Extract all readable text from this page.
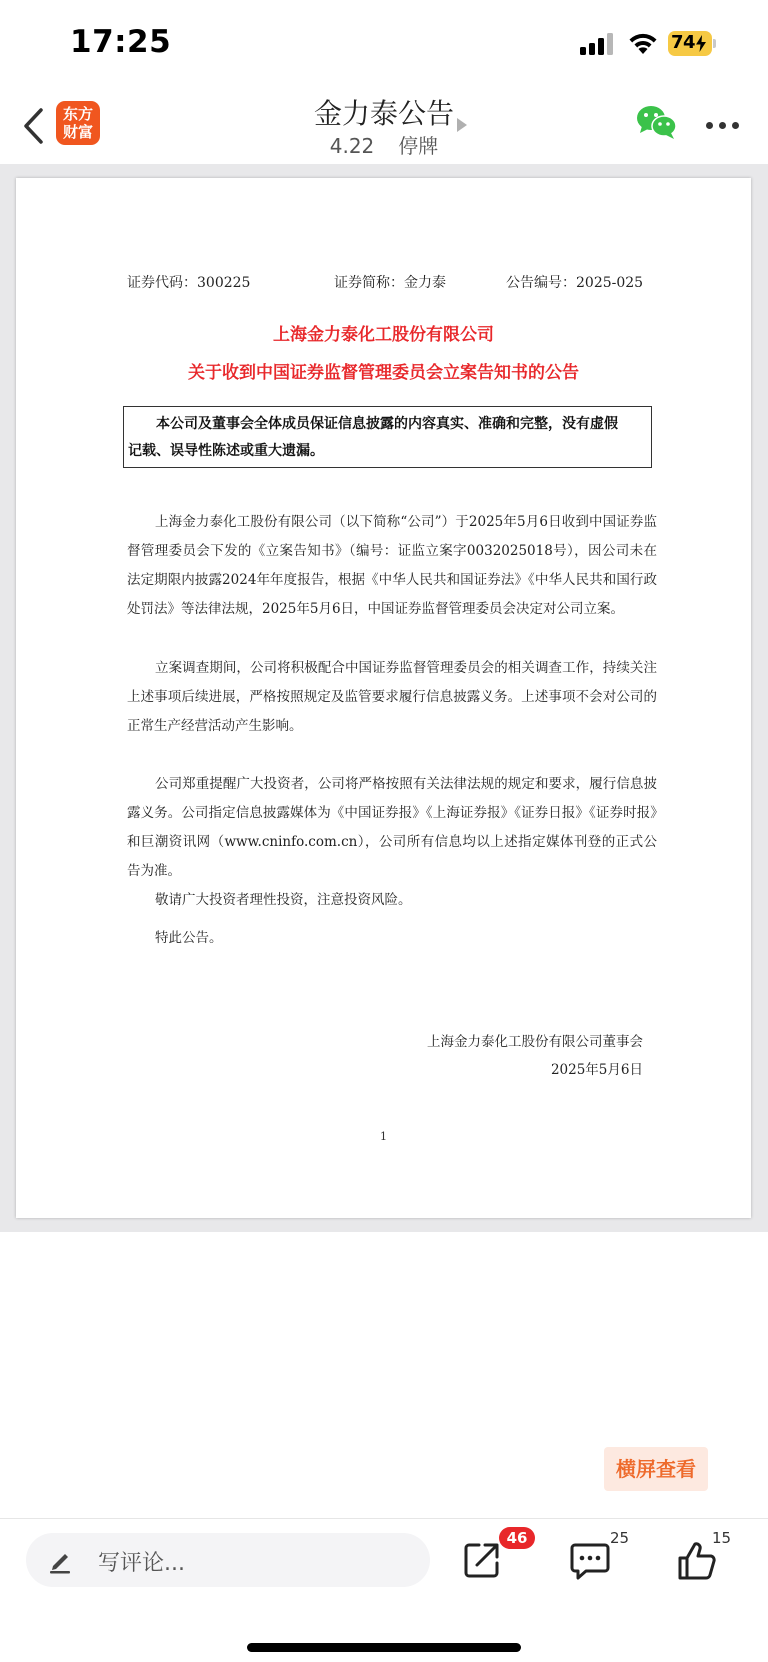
17:25	74
东方
财富
金力泰公告
4.22 停牌
证券代码：300225	证券简称：金力泰	公告编号：2025-025
上海金力泰化工股份有限公司
关于收到中国证券监督管理委员会立案告知书的公告
本公司及董事会全体成员保证信息披露的内容真实、准确和完整，没有虚假
记载、误导性陈述或重大遗漏。
上海金力泰化工股份有限公司（以下简称“公司”）于2025年5月6日收到中国证券监督管理委员会下发的《立案告知书》（编号：证监立案字0032025018号），因公司未在法定期限内披露2024年年度报告，根据《中华人民共和国证券法》《中华人民共和国行政处罚法》等法律法规，2025年5月6日，中国证券监督管理委员会决定对公司立案。
立案调查期间，公司将积极配合中国证券监督管理委员会的相关调查工作，持续关注上述事项后续进展，严格按照规定及监管要求履行信息披露义务。上述事项不会对公司的正常生产经营活动产生影响。
公司郑重提醒广大投资者，公司将严格按照有关法律法规的规定和要求，履行信息披露义务。公司指定信息披露媒体为《中国证券报》《上海证券报》《证券日报》《证券时报》和巨潮资讯网（www.cninfo.com.cn），公司所有信息均以上述指定媒体刊登的正式公告为准。
敬请广大投资者理性投资，注意投资风险。
特此公告。
上海金力泰化工股份有限公司董事会
2025年5月6日
1
横屏查看
写评论...
46	25	15
